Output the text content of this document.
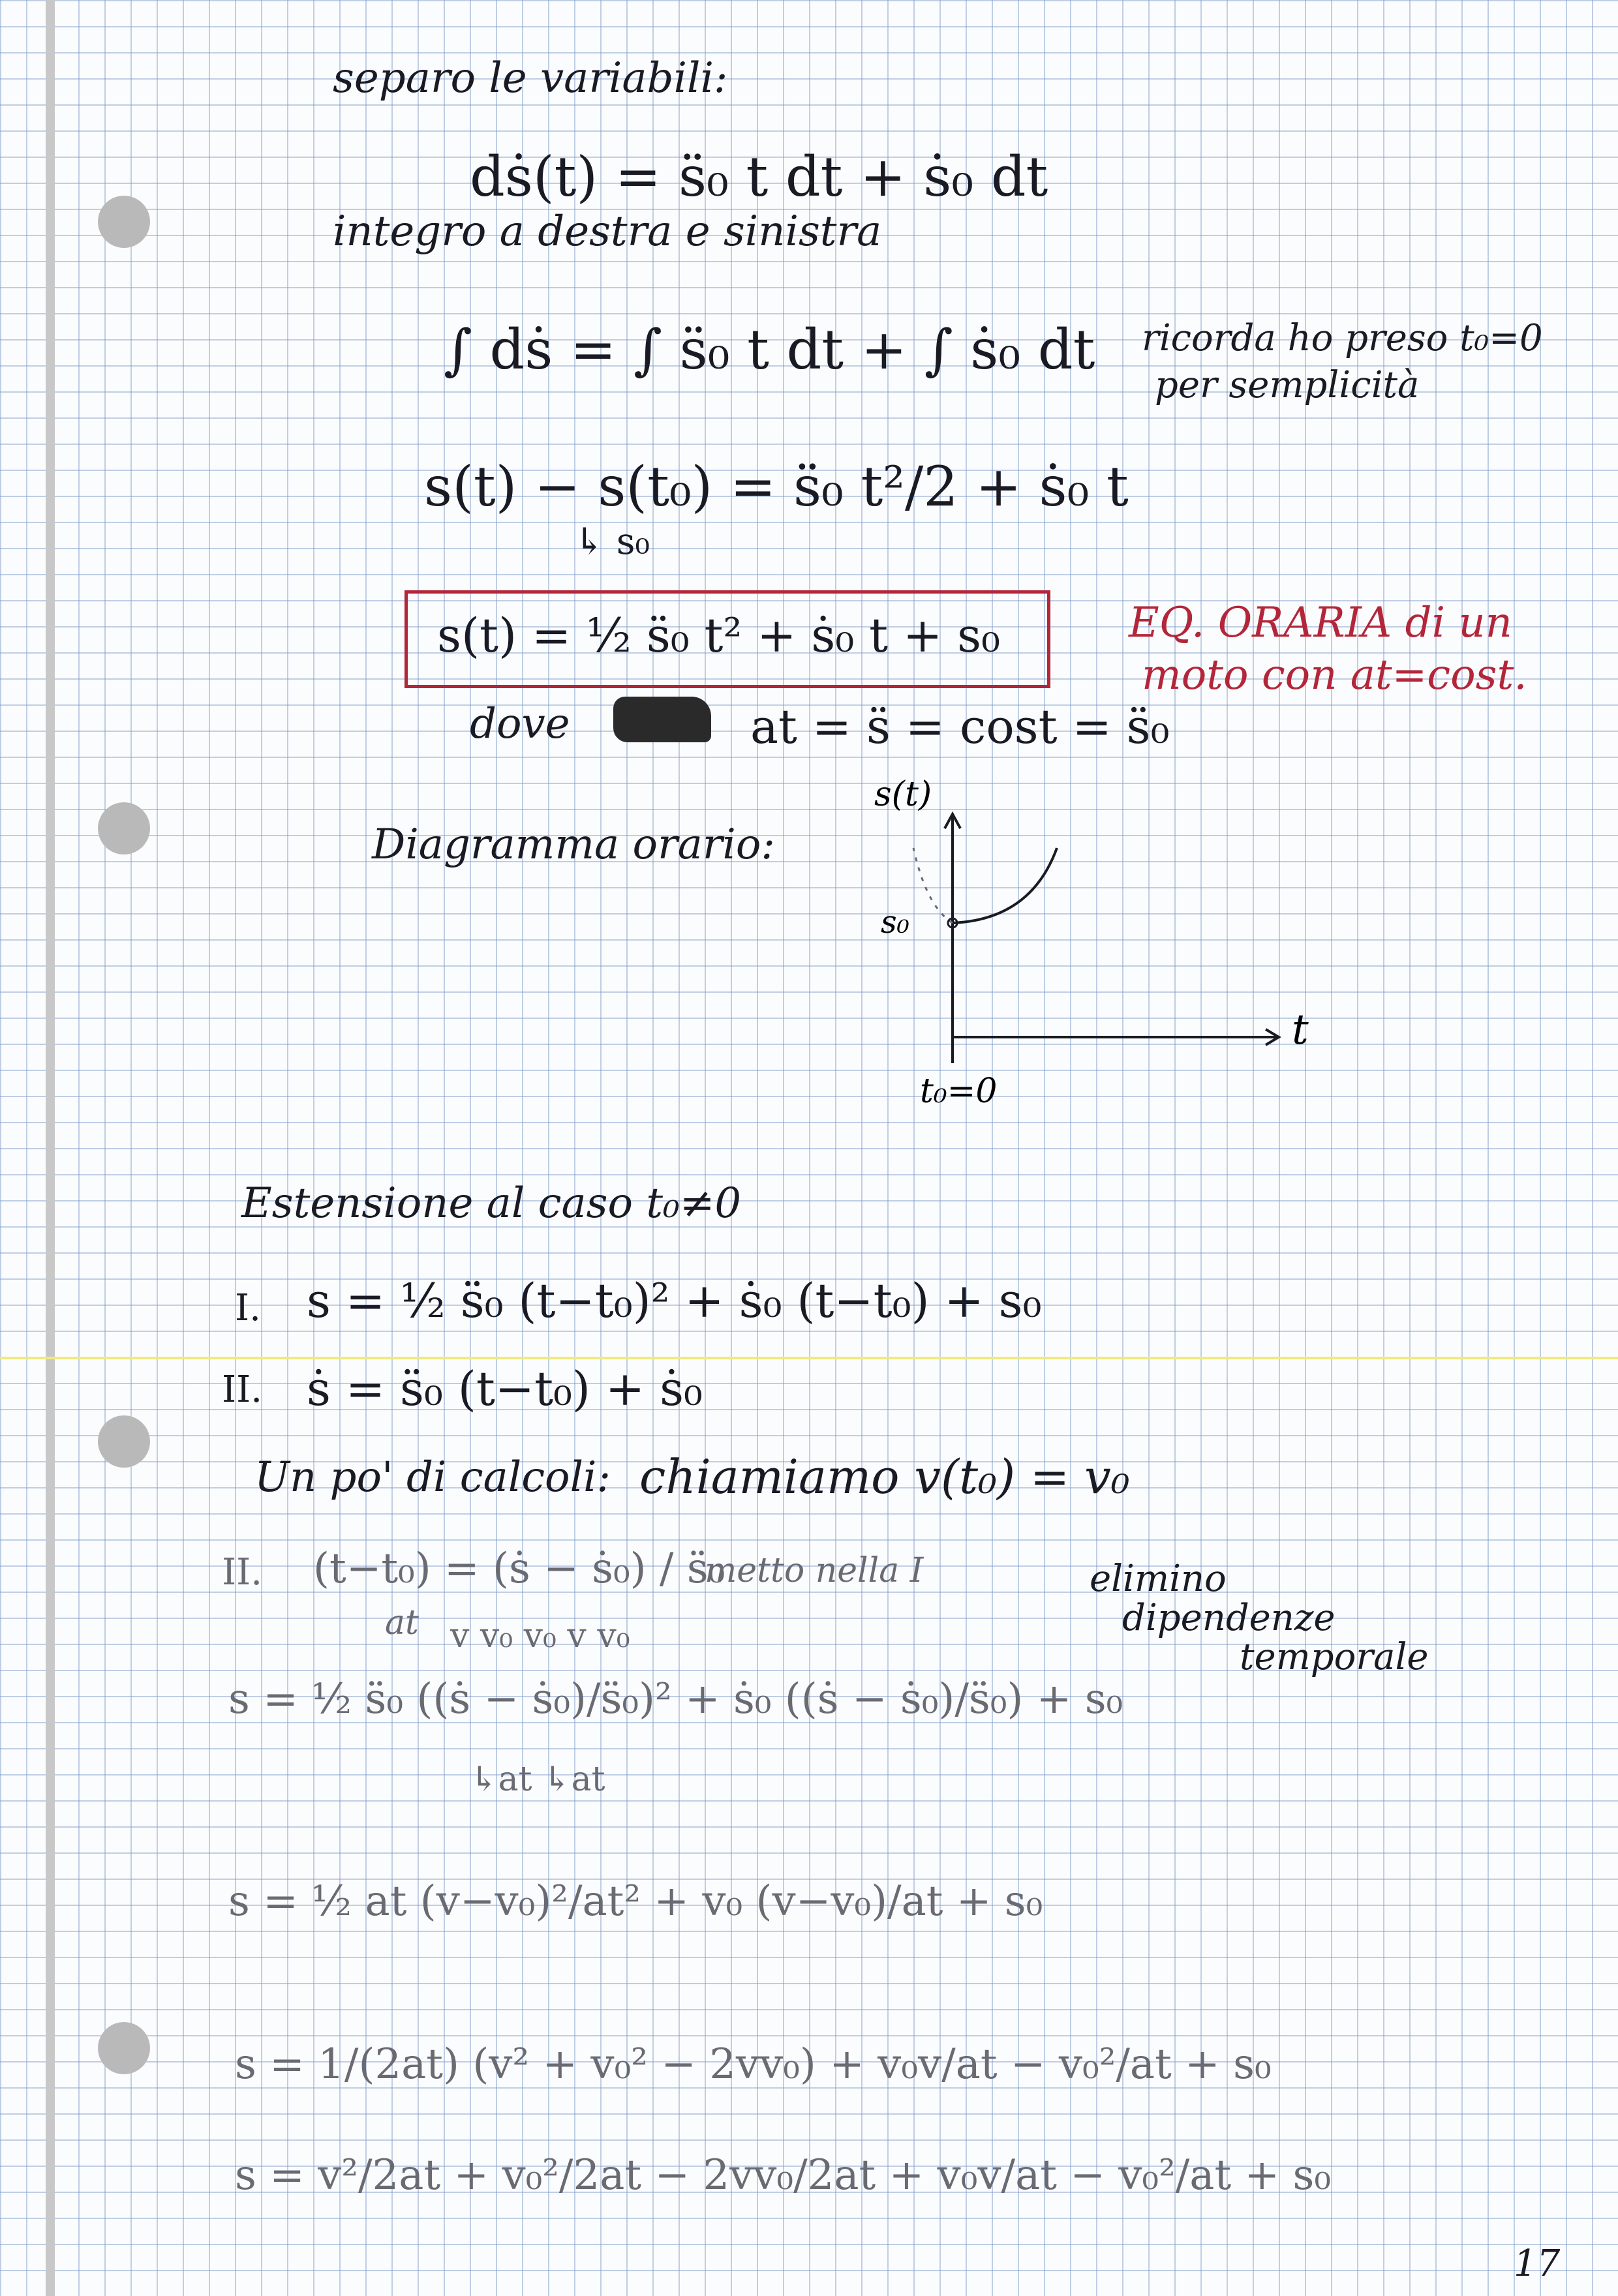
separo le variabili:
dṡ(t) = s̈₀ t dt + ṡ₀ dt
integro a destra e sinistra
∫ dṡ = ∫ s̈₀ t dt + ∫ ṡ₀ dt ricorda ho preso t₀=0
per semplicità
s(t) − s(t₀) = s̈₀ t²/2 + ṡ₀ t
↳ s₀
s(t) = ½ s̈₀ t² + ṡ₀ t + s₀	EQ. ORARIA di un
moto con at=cost.
dove	at = s̈ = cost = s̈₀
Diagramma orario:
s(t)
t
s₀
t₀=0
Estensione al caso t₀≠0
I. s = ½ s̈₀ (t−t₀)² + ṡ₀ (t−t₀) + s₀
II. ṡ = s̈₀ (t−t₀) + ṡ₀
Un po' di calcoli: chiamiamo v(t₀) = v₀
II. (t−t₀) = (ṡ − ṡ₀) / s̈₀
metto nella I
at
elimino
dipendenze
temporale
v v₀ v₀ v v₀
s = ½ s̈₀ ((ṡ − ṡ₀)/s̈₀)² + ṡ₀ ((ṡ − ṡ₀)/s̈₀) + s₀
↳at ↳at
s = ½ at (v−v₀)²/at² + v₀ (v−v₀)/at + s₀
s = 1/(2at) (v² + v₀² − 2vv₀) + v₀v/at − v₀²/at + s₀
s = v²/2at + v₀²/2at − 2vv₀/2at + v₀v/at − v₀²/at + s₀
17
